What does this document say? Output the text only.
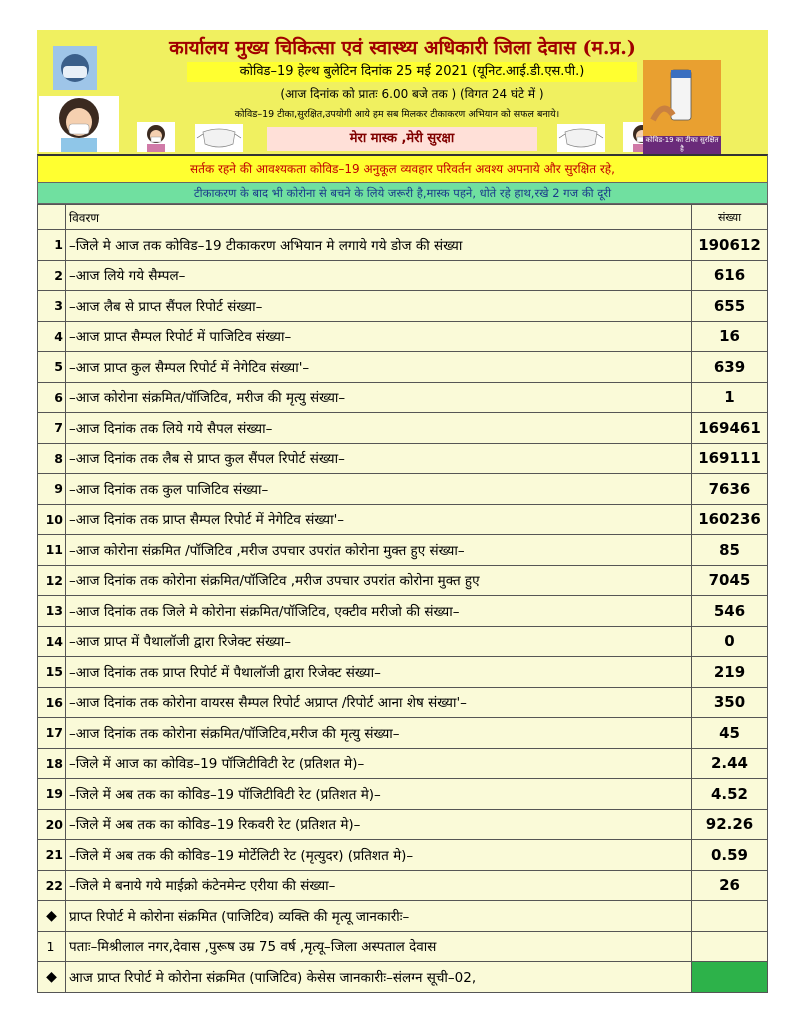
कोविड-19 का टीका सुरक्षित है
कार्यालय मुख्य चिकित्सा एवं स्वास्थ्य अधिकारी जिला देवास (म.प्र.)
कोविड–19 हेल्थ बुलेटिन दिनांक 25 मई 2021 (यूनिट.आई.डी.एस.पी.)
(आज दिनांक को प्रातः 6.00 बजे तक ) (विगत 24 घंटे में )
कोविड–19 टीका,सुरक्षित,उपयोगी आये हम सब मिलकर टीकाकरण अभियान को सफल बनाये।
मेरा मास्क ,मेरी सुरक्षा
सर्तक रहने की आवश्यकता कोविड–19 अनुकूल व्यवहार परिवर्तन अवश्य अपनाये और सुरक्षित रहे,
टीकाकरण के बाद भी कोरोना से बचने के लिये जरूरी है,मास्क पहने, धोते रहे हाथ,रखे 2 गज की दूरी
	विवरण	संख्या
1	–जिले मे आज तक कोविड–19 टीकाकरण अभियान मे लगाये गये डोज की संख्या	190612
2	–आज लिये गये सैम्पल–	616
3	–आज लैब से प्राप्त सैंपल रिपोर्ट संख्या–	655
4	–आज प्राप्त सैम्पल रिपोर्ट में पाजिटिव संख्या–	16
5	–आज प्राप्त कुल सैम्पल रिपोर्ट में नेगेटिव संख्या'–	639
6	–आज कोरोना संक्रमित/पॉजिटिव, मरीज की मृत्यु संख्या–	1
7	–आज दिनांक तक लिये गये सैपल संख्या–	169461
8	–आज दिनांक तक लैब से प्राप्त कुल सैंपल रिपोर्ट संख्या–	169111
9	–आज दिनांक तक कुल पाजिटिव संख्या–	7636
10	–आज दिनांक तक प्राप्त सैम्पल रिपोर्ट में नेगेटिव संख्या'–	160236
11	–आज कोरोना संक्रमित /पॉजिटिव ,मरीज उपचार उपरांत कोरोना मुक्त हुए संख्या–	85
12	–आज दिनांक तक कोरोना संक्रमित/पॉजिटिव ,मरीज उपचार उपरांत कोरोना मुक्त हुए	7045
13	–आज दिनांक तक जिले मे कोरोना संक्रमित/पॉजिटिव, एक्टीव मरीजो की संख्या–	546
14	–आज प्राप्त में पैथालॉजी द्वारा रिजेक्ट संख्या–	0
15	–आज दिनांक तक प्राप्त रिपोर्ट में पैथालॉजी द्वारा रिजेक्ट संख्या–	219
16	–आज दिनांक तक कोरोना वायरस सैम्पल रिपोर्ट अप्राप्त /रिपोर्ट आना शेष संख्या'–	350
17	–आज दिनांक तक कोरोना संक्रमित/पॉजिटिव,मरीज की मृत्यु संख्या–	45
18	–जिले में आज का कोविड–19 पॉजिटीविटी रेट (प्रतिशत मे)–	2.44
19	–जिले में अब तक का कोविड–19 पॉजिटीविटी रेट (प्रतिशत मे)–	4.52
20	–जिले में अब तक का कोविड–19 रिकवरी रेट (प्रतिशत मे)–	92.26
21	–जिले में अब तक की कोविड–19 मोर्टेलिटी रेट (मृत्युदर) (प्रतिशत मे)–	0.59
22	–जिले मे बनाये गये माईक्रो कंटेनमेन्ट एरीया की संख्या–	26
◆	प्राप्त रिपोर्ट मे कोरोना संक्रमित (पाजिटिव) व्यक्ति की मृत्यू जानकारीः–	
1	पताः–मिश्रीलाल नगर,देवास ,पुरूष उम्र 75 वर्ष ,मृत्यू–जिला अस्पताल देवास	
◆	आज प्राप्त रिपोर्ट मे कोरोना संक्रमित (पाजिटिव) केसेस जानकारीः–संलग्न सूची–02,	
